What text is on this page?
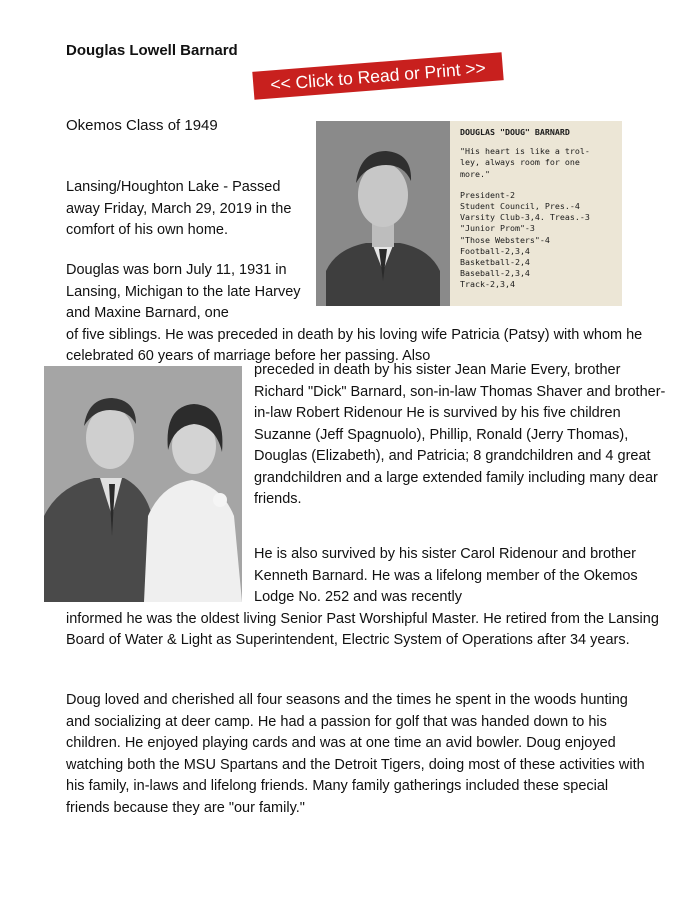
Douglas Lowell Barnard
<< Click to Read or Print >>

Okemos Class of 1949	DOUGLAS "DOUG" BARNARD
"His heart is like a trol-
ley, always room for one
more."
President-2
Student Council, Pres.-4
Varsity Club-3,4. Treas.-3
"Junior Prom"-3
"Those Websters"-4
Football-2,3,4
Basketball-2,4
Baseball-2,3,4
Track-2,3,4

Lansing/Houghton Lake - Passed away Friday, March 29, 2019 in the comfort of his own home.

Douglas was born July 11, 1931 in Lansing, Michigan to the late Harvey and Maxine Barnard, one
of five siblings. He was preceded in death by his loving wife Patricia (Patsy) with whom he celebrated 60 years of marriage before her passing. Also

preceded in death by his sister Jean Marie Every, brother Richard "Dick" Barnard, son-in-law Thomas Shaver and brother-in-law Robert Ridenour He is survived by his five children Suzanne (Jeff Spagnuolo), Phillip, Ronald (Jerry Thomas), Douglas (Elizabeth), and Patricia; 8 grandchildren and 4 great grandchildren and a large extended family including many dear friends.

He is also survived by his sister Carol Ridenour and brother Kenneth Barnard. He was a lifelong member of the Okemos Lodge No. 252 and was recently
informed he was the oldest living Senior Past Worshipful Master. He retired from the Lansing Board of Water & Light as Superintendent, Electric System of Operations after 34 years.

Doug loved and cherished all four seasons and the times he spent in the woods hunting and socializing at deer camp. He had a passion for golf that was handed down to his children. He enjoyed playing cards and was at one time an avid bowler. Doug enjoyed watching both the MSU Spartans and the Detroit Tigers, doing most of these activities with his family, in-laws and lifelong friends. Many family gatherings included these special friends because they are "our family."
